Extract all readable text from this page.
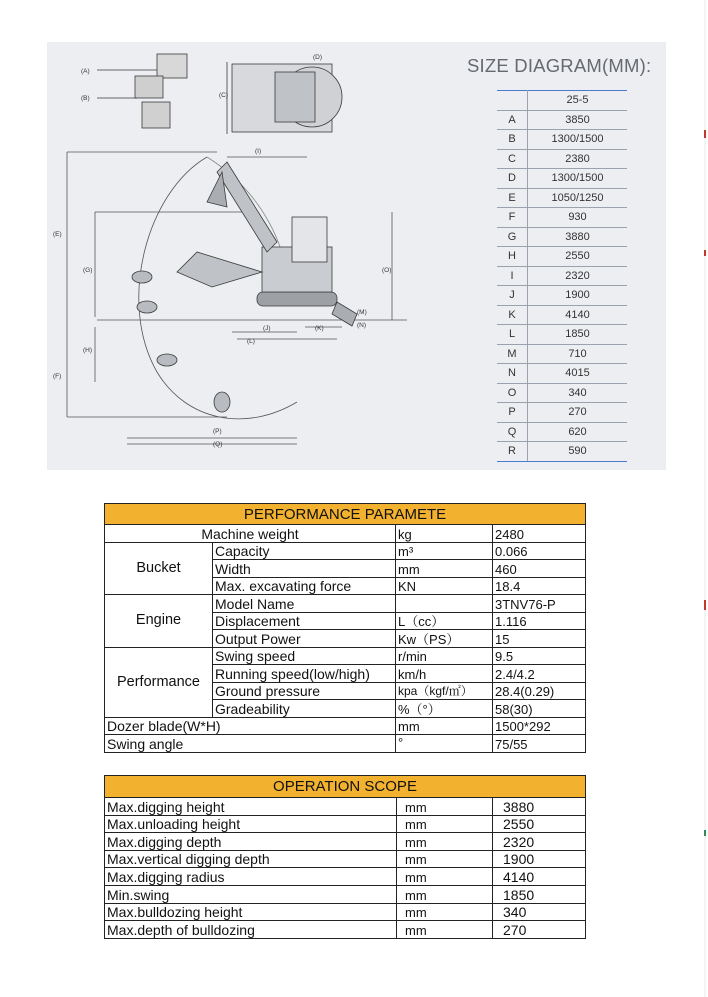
(A)
(B)	(C)
(D)
(E)
(F)
(G)
(H)
(I)
(J)	(K)
(L)
(M)
(N)
(O)
(P)
(Q)
SIZE DIAGRAM(MM):
	25-5
A	3850
B	1300/1500
C	2380
D	1300/1500
E	1050/1250
F	930
G	3880
H	2550
I	2320
J	1900
K	4140
L	1850
M	710
N	4015
O	340
P	270
Q	620
R	590
PERFORMANCE PARAMETE			
Machine weight		kg	2480
Bucket	Capacity	m³	0.066
	Width	mm	460
	Max. excavating force	KN	18.4
Engine	Model Name		3TNV76-P
	Displacement	L（cc）	1.116
	Output Power	Kw（PS）	15
Performance	Swing speed	r/min	9.5
	Running speed(low/high)	km/h	2.4/4.2
	Ground pressure	kpa（kgf/㎡）	28.4(0.29)
	Gradeability	%（°）	58(30)
Dozer blade(W*H)		mm	1500*292
Swing angle		°	75/55
OPERATION SCOPE		
Max.digging height	mm	3880
Max.unloading height	mm	2550
Max.digging depth	mm	2320
Max.vertical digging depth	mm	1900
Max.digging radius	mm	4140
Min.swing	mm	1850
Max.bulldozing height	mm	340
Max.depth of bulldozing	mm	270
